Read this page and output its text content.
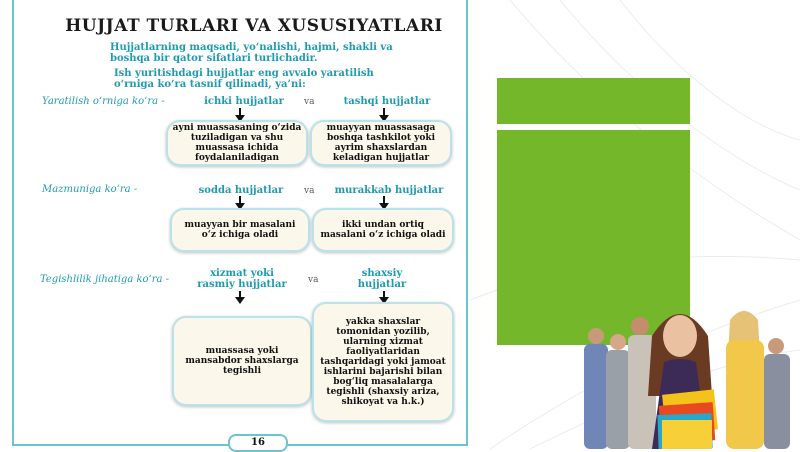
HUJJAT TURLARI VA XUSUSIYATLARI
Hujjatlarning maqsadi, yo‘nalishi, hajmi, shakli va boshqa bir qator sifatlari turlichadir.
Ish yuritishdagi hujjatlar eng avvalo yaratilish o‘rniga ko‘ra tasnif qilinadi, ya’ni:
Yaratilish o‘rniga ko‘ra -	ichki hujjatlar	va	tashqi hujjatlar
ayni muassasaning o‘zida tuziladigan va shu muassasa ichida foydalaniladigan
muayyan muassasaga boshqa tashkilot yoki ayrim shaxslardan keladigan hujjatlar
Mazmuniga ko‘ra -	sodda hujjatlar	va	murakkab hujjatlar
muayyan bir masalani o‘z ichiga oladi
ikki undan ortiq masalani o‘z ichiga oladi
Tegishlilik jihatiga ko‘ra -
xizmat yoki rasmiy hujjatlar	va
shaxsiy hujjatlar
muassasa yoki mansabdor shaxslarga tegishli
yakka shaxslar tomonidan yozilib, ularning xizmat faoliyatlaridan tashqaridagi yoki jamoat ishlarini bajarishi bilan bog‘liq masalalarga tegishli (shaxsiy ariza, shikoyat va h.k.)
16
